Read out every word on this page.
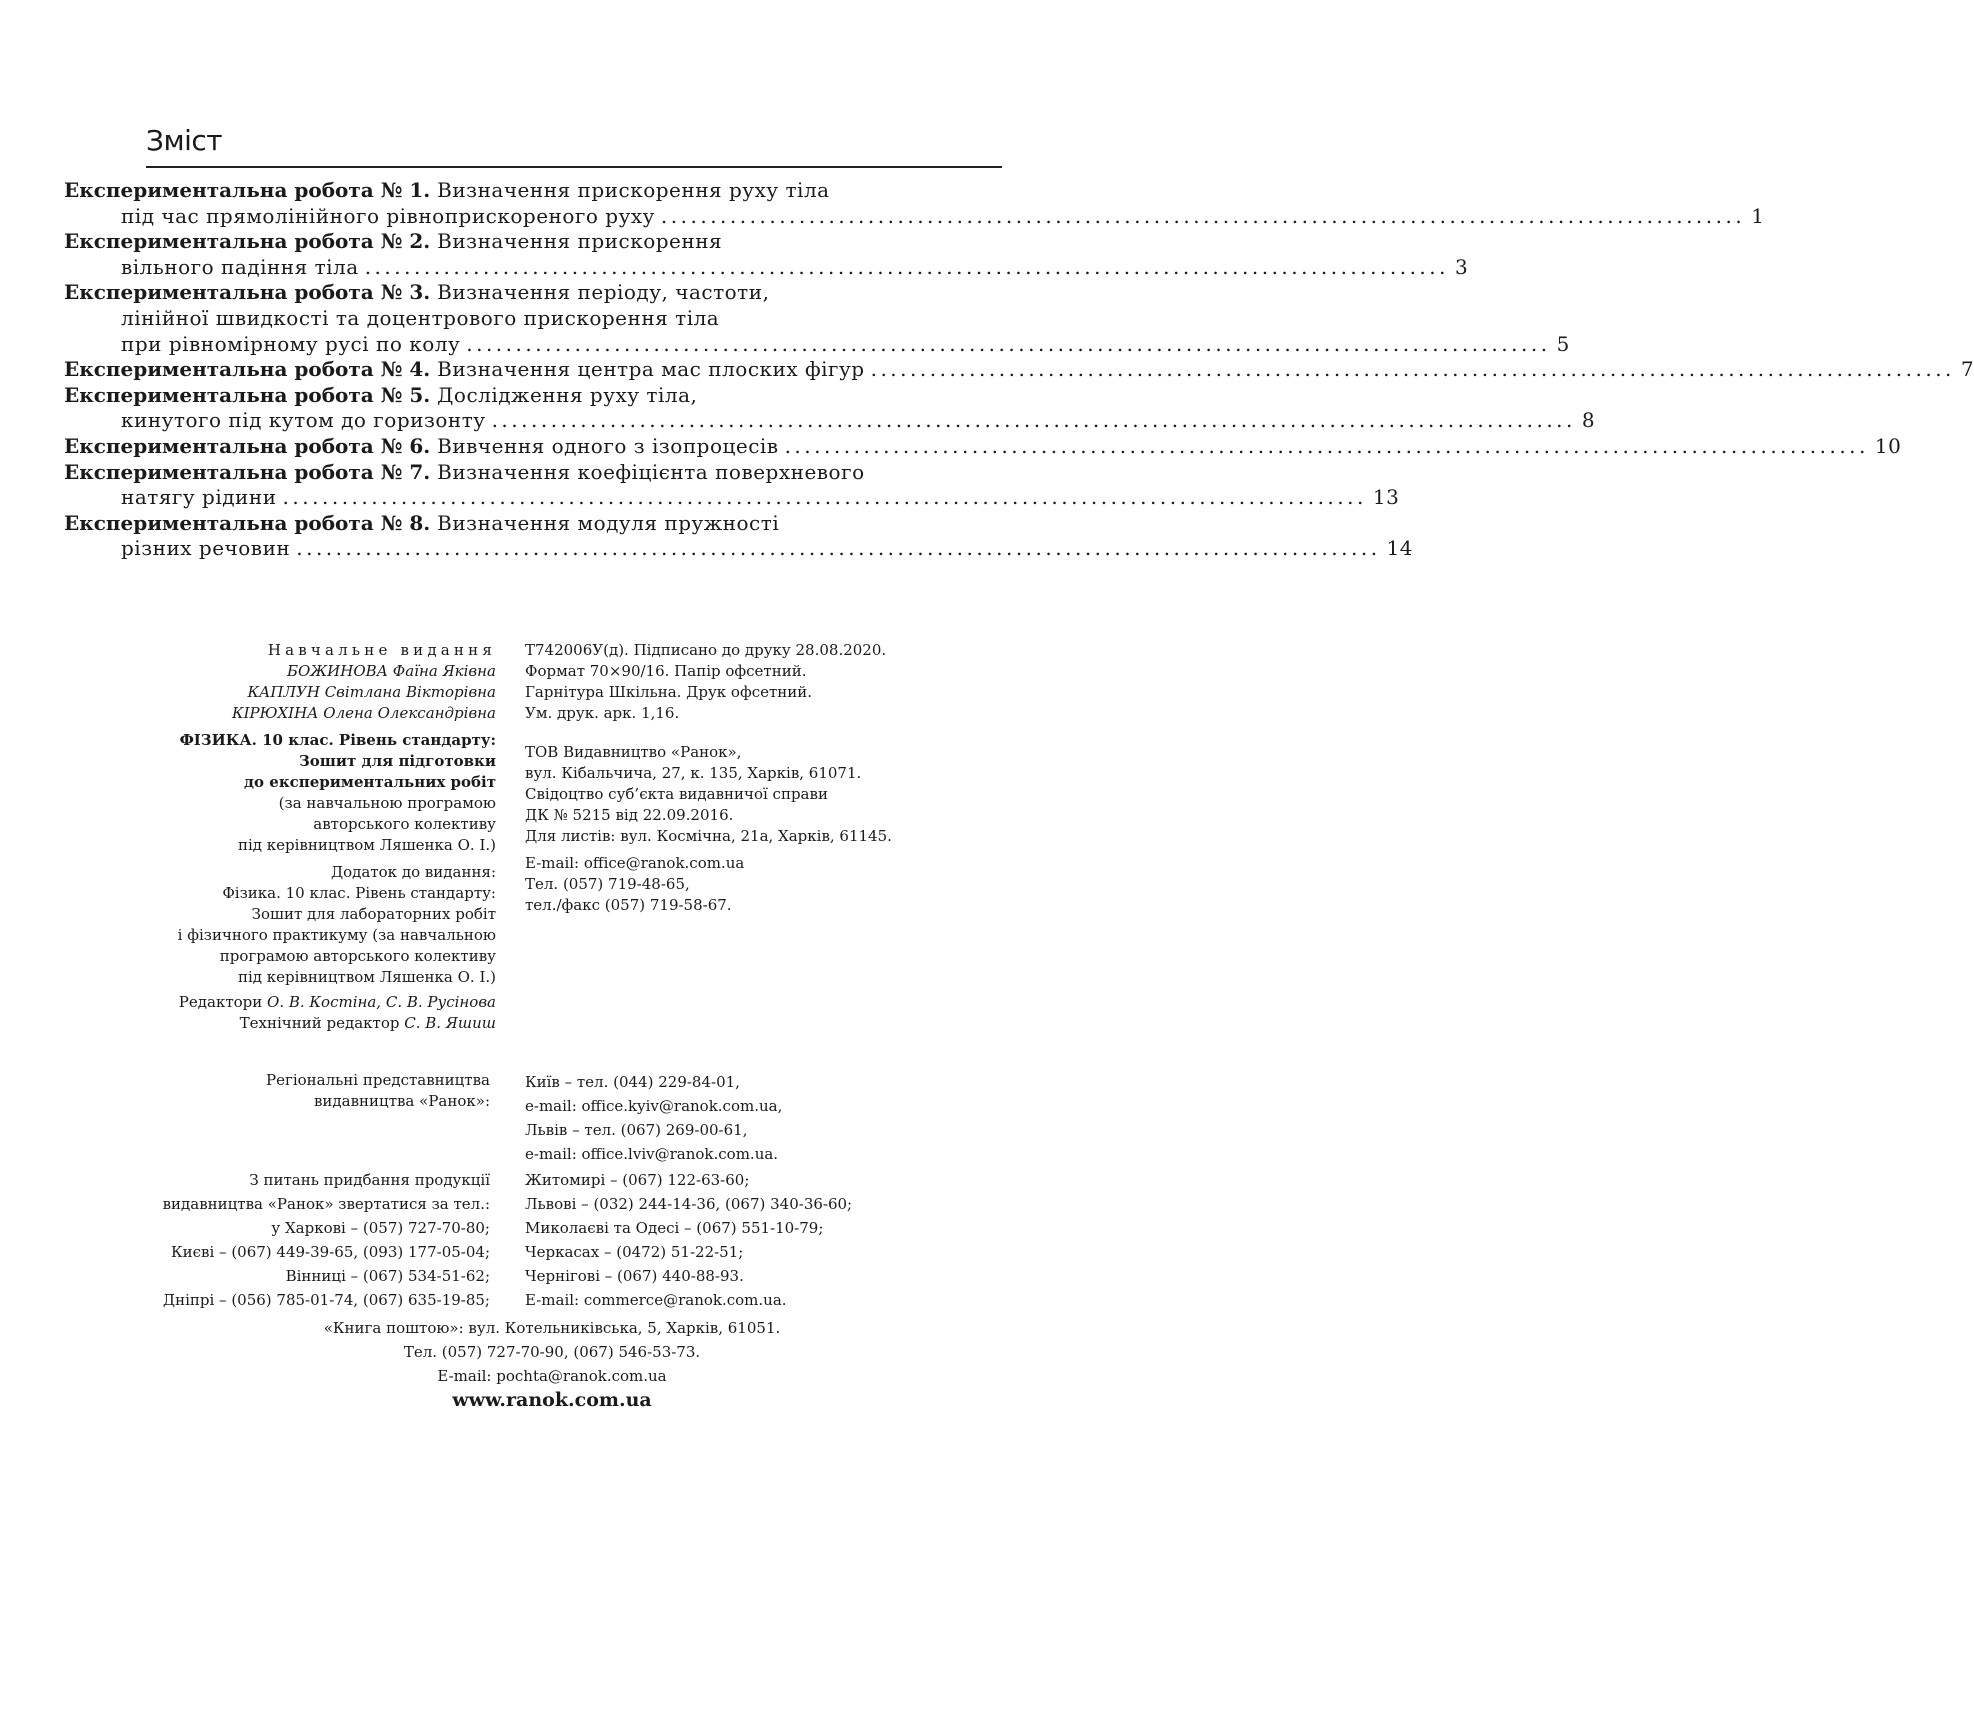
Зміст
Експериментальна робота № 1. Визначення прискорення руху тіла
під час прямолінійного рівноприскореного руху .............................................................................................................. 1
Експериментальна робота № 2. Визначення прискорення
вільного падіння тіла .............................................................................................................. 3
Експериментальна робота № 3. Визначення періоду, частоти,
лінійної швидкості та доцентрового прискорення тіла
при рівномірному русі по колу .............................................................................................................. 5
Експериментальна робота № 4. Визначення центра мас плоских фігур .............................................................................................................. 7
Експериментальна робота № 5. Дослідження руху тіла,
кинутого під кутом до горизонту .............................................................................................................. 8
Експериментальна робота № 6. Вивчення одного з ізопроцесів .............................................................................................................. 10
Експериментальна робота № 7. Визначення коефіцієнта поверхневого
натягу рідини .............................................................................................................. 13
Експериментальна робота № 8. Визначення модуля пружності
різних речовин .............................................................................................................. 14
Навчальне видання
БОЖИНОВА Фаїна Яківна
КАПЛУН Світлана Вікторівна
КІРЮХІНА Олена Олександрівна
ФІЗИКА. 10 клас. Рівень стандарту:
Зошит для підготовки
до експериментальних робіт
(за навчальною програмою
авторського колективу
під керівництвом Ляшенка О. І.)
Додаток до видання:
Фізика. 10 клас. Рівень стандарту:
Зошит для лабораторних робіт
і фізичного практикуму (за навчальною
програмою авторського колективу
під керівництвом Ляшенка О. І.)
Редактори О. В. Костіна, С. В. Русінова
Технічний редактор С. В. Яшиш
Т742006У(д). Підписано до друку 28.08.2020.
Формат 70×90/16. Папір офсетний.
Гарнітура Шкільна. Друк офсетний.
Ум. друк. арк. 1,16.
ТОВ Видавництво «Ранок»,
вул. Кібальчича, 27, к. 135, Харків, 61071.
Свідоцтво суб’єкта видавничої справи
ДК № 5215 від 22.09.2016.
Для листів: вул. Космічна, 21а, Харків, 61145.
E-mail: office@ranok.com.ua
Тел. (057) 719-48-65,
тел./факс (057) 719-58-67.
Регіональні представництва
видавництва «Ранок»:
Київ – тел. (044) 229-84-01,
e-mail: office.kyiv@ranok.com.ua,
Львів – тел. (067) 269-00-61,
e-mail: office.lviv@ranok.com.ua.
З питань придбання продукції
видавництва «Ранок» звертатися за тел.:
у Харкові – (057) 727-70-80;
Києві – (067) 449-39-65, (093) 177-05-04;
Вінниці – (067) 534-51-62;
Дніпрі – (056) 785-01-74, (067) 635-19-85;
Житомирі – (067) 122-63-60;
Львові – (032) 244-14-36, (067) 340-36-60;
Миколаєві та Одесі – (067) 551-10-79;
Черкасах – (0472) 51-22-51;
Чернігові – (067) 440-88-93.
E-mail: commerce@ranok.com.ua.
«Книга поштою»: вул. Котельниківська, 5, Харків, 61051.
Тел. (057) 727-70-90, (067) 546-53-73.
E-mail: pochta@ranok.com.ua
www.ranok.com.ua
